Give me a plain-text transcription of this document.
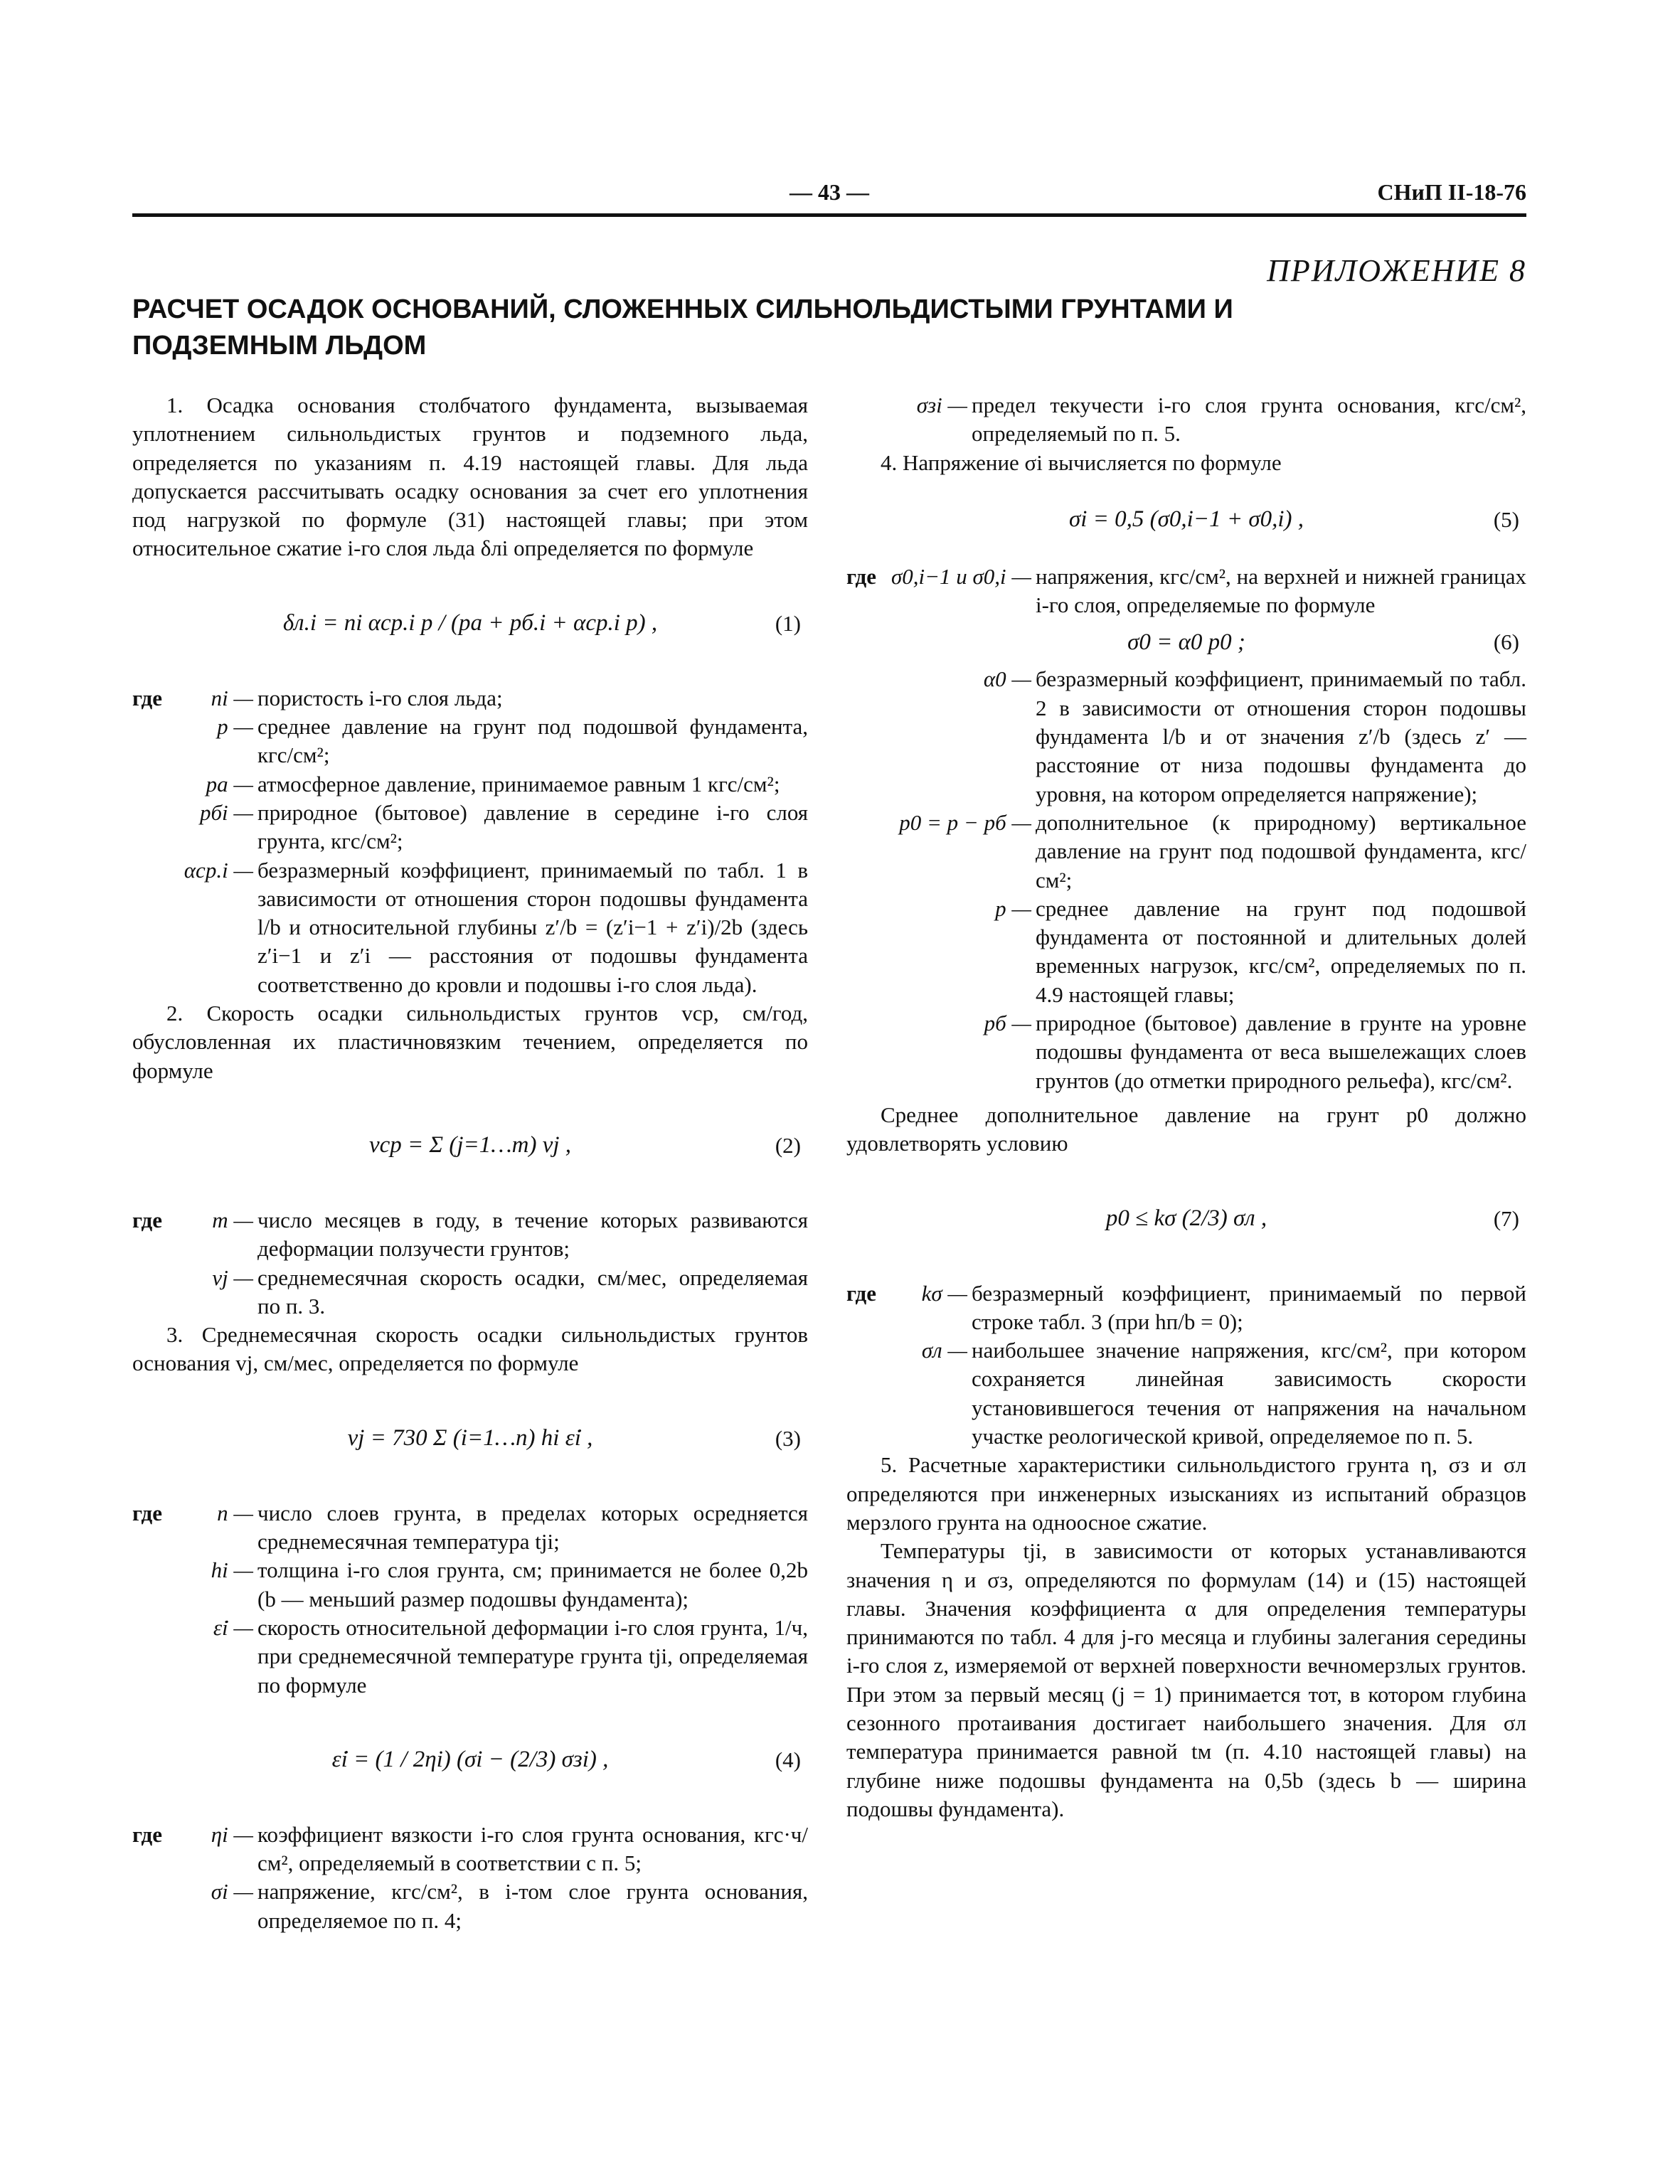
— 43 —	СНиП II-18-76
ПРИЛОЖЕНИЕ 8
РАСЧЕТ ОСАДОК ОСНОВАНИЙ, СЛОЖЕННЫХ СИЛЬНОЛЬДИСТЫМИ ГРУНТАМИ И ПОДЗЕМНЫМ ЛЬДОМ

1. Осадка основания столбчатого фундамента, вызываемая уплотнением сильнольдистых грунтов и подземного льда, определяется по указаниям п. 4.19 настоящей главы. Для льда допускается рассчитывать осадку основания за счет его уплотнения под нагрузкой по формуле (31) настоящей главы; при этом относительное сжатие i-го слоя льда δлi определяется по формуле

δл.i = ni αср.i p / (pа + pб.i + αср.i p) ,	(1)
где ni — пористость i-го слоя льда;
p — среднее давление на грунт под подошвой фундамента, кгс/см²;
pа — атмосферное давление, принимаемое равным 1 кгс/см²;
pбi — природное (бытовое) давление в середине i-го слоя грунта, кгс/см²;
αср.i — безразмерный коэффициент, принимаемый по табл. 1 в зависимости от отношения сторон подошвы фундамента l/b и относительной глубины z′/b = (z′i−1 + z′i)/2b (здесь z′i−1 и z′i — расстояния от подошвы фундамента соответственно до кровли и подошвы i-го слоя льда).

2. Скорость осадки сильнольдистых грунтов vср, см/год, обусловленная их пластичновязким течением, определяется по формуле

vср = Σ (j=1…m) vj ,	(2)
где m — число месяцев в году, в течение которых развиваются деформации ползучести грунтов;
vj — среднемесячная скорость осадки, см/мес, определяемая по п. 3.

3. Среднемесячная скорость осадки сильнольдистых грунтов основания vj, см/мес, определяется по формуле

vj = 730 Σ (i=1…n) hi ε̇i ,	(3)
где n — число слоев грунта, в пределах которых осредняется среднемесячная температура tji;
hi — толщина i-го слоя грунта, см; принимается не более 0,2b (b — меньший размер подошвы фундамента);
ε̇i — скорость относительной деформации i-го слоя грунта, 1/ч, при среднемесячной температуре грунта tji, определяемая по формуле
ε̇i = (1 / 2ηi) (σi − (2/3) σзi) ,	(4)
где ηi — коэффициент вязкости i-го слоя грунта основания, кгс·ч/см², определяемый в соответствии с п. 5;
σi — напряжение, кгс/см², в i-том слое грунта основания, определяемое по п. 4;
σзi — предел текучести i-го слоя грунта основания, кгс/см², определяемый по п. 5.

4. Напряжение σi вычисляется по формуле

σi = 0,5 (σ0,i−1 + σ0,i) ,	(5)
где σ0,i−1 и σ0,i — напряжения, кгс/см², на верхней и нижней границах i-го слоя, определяемые по формуле
σ0 = α0 p0 ;	(6)
α0 — безразмерный коэффициент, принимаемый по табл. 2 в зависимости от отношения сторон подошвы фундамента l/b и от значения z′/b (здесь z′ — расстояние от низа подошвы фундамента до уровня, на котором определяется напряжение);
p0 = p − pб — дополнительное (к природному) вертикальное давление на грунт под подошвой фундамента, кгс/см²;
p — среднее давление на грунт под подошвой фундамента от постоянной и длительных долей временных нагрузок, кгс/см², определяемых по п. 4.9 настоящей главы;
pб — природное (бытовое) давление в грунте на уровне подошвы фундамента от веса вышележащих слоев грунтов (до отметки природного рельефа), кгс/см².

Среднее дополнительное давление на грунт p0 должно удовлетворять условию

p0 ≤ kσ (2/3) σл ,	(7)
где kσ — безразмерный коэффициент, принимаемый по первой строке табл. 3 (при hп/b = 0);
σл — наибольшее значение напряжения, кгс/см², при котором сохраняется линейная зависимость скорости установившегося течения от напряжения на начальном участке реологической кривой, определяемое по п. 5.

5. Расчетные характеристики сильнольдистого грунта η, σз и σл определяются при инженерных изысканиях из испытаний образцов мерзлого грунта на одноосное сжатие.

Температуры tji, в зависимости от которых устанавливаются значения η и σз, определяются по формулам (14) и (15) настоящей главы. Значения коэффициента α для определения температуры принимаются по табл. 4 для j-го месяца и глубины залегания середины i-го слоя z, измеряемой от верхней поверхности вечномерзлых грунтов. При этом за первый месяц (j = 1) принимается тот, в котором глубина сезонного протаивания достигает наибольшего значения. Для σл температура принимается равной tм (п. 4.10 настоящей главы) на глубине ниже подошвы фундамента на 0,5b (здесь b — ширина подошвы фундамента).
